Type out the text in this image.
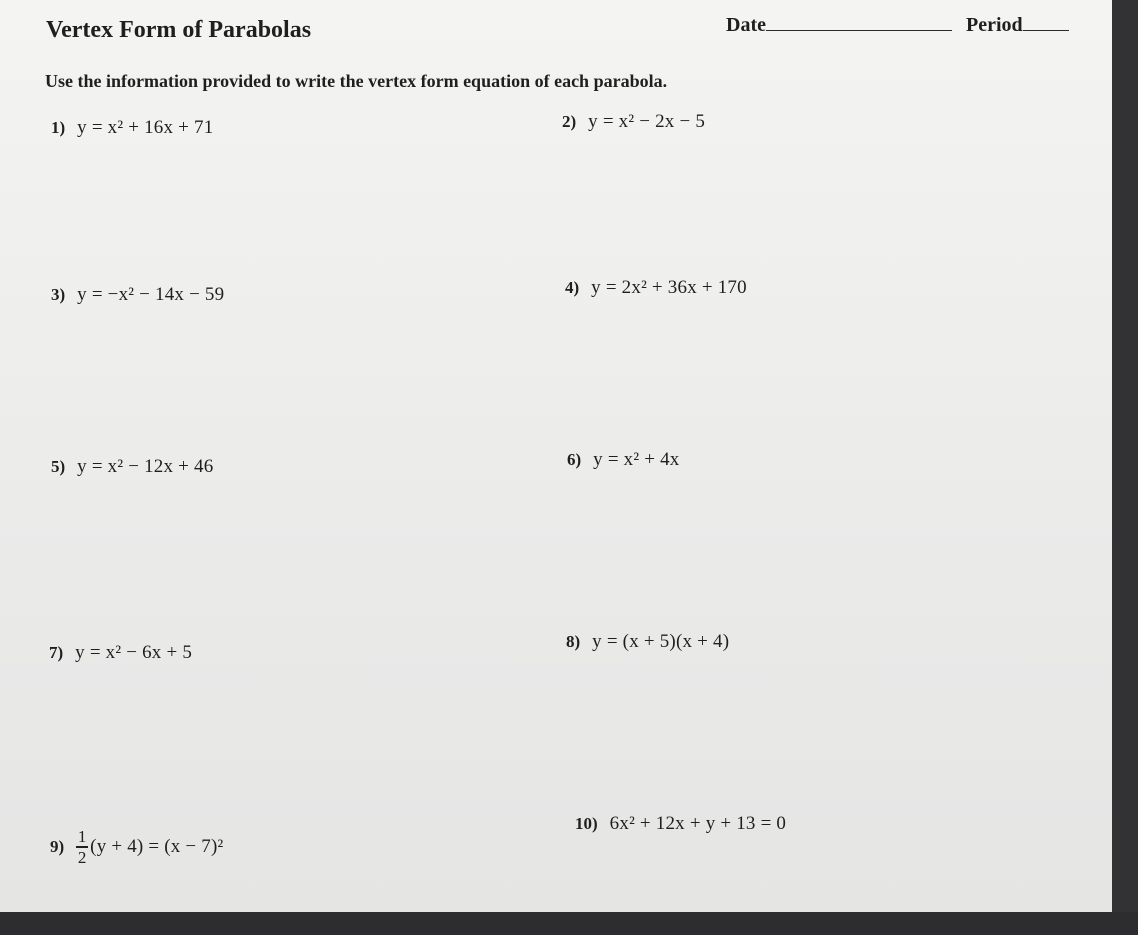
Vertex Form of Parabolas	Date	Period
Use the information provided to write the vertex form equation of each parabola.
1) y = x² + 16x + 71	2) y = x² − 2x − 5
3) y = −x² − 14x − 59	4) y = 2x² + 36x + 170
5) y = x² − 12x + 46	6) y = x² + 4x
7) y = x² − 6x + 5
8) y = (x + 5)(x + 4)
$9) \frac{1}{2} (y + 4) = (x - 7)^2$
10) 6x² + 12x + y + 13 = 0
